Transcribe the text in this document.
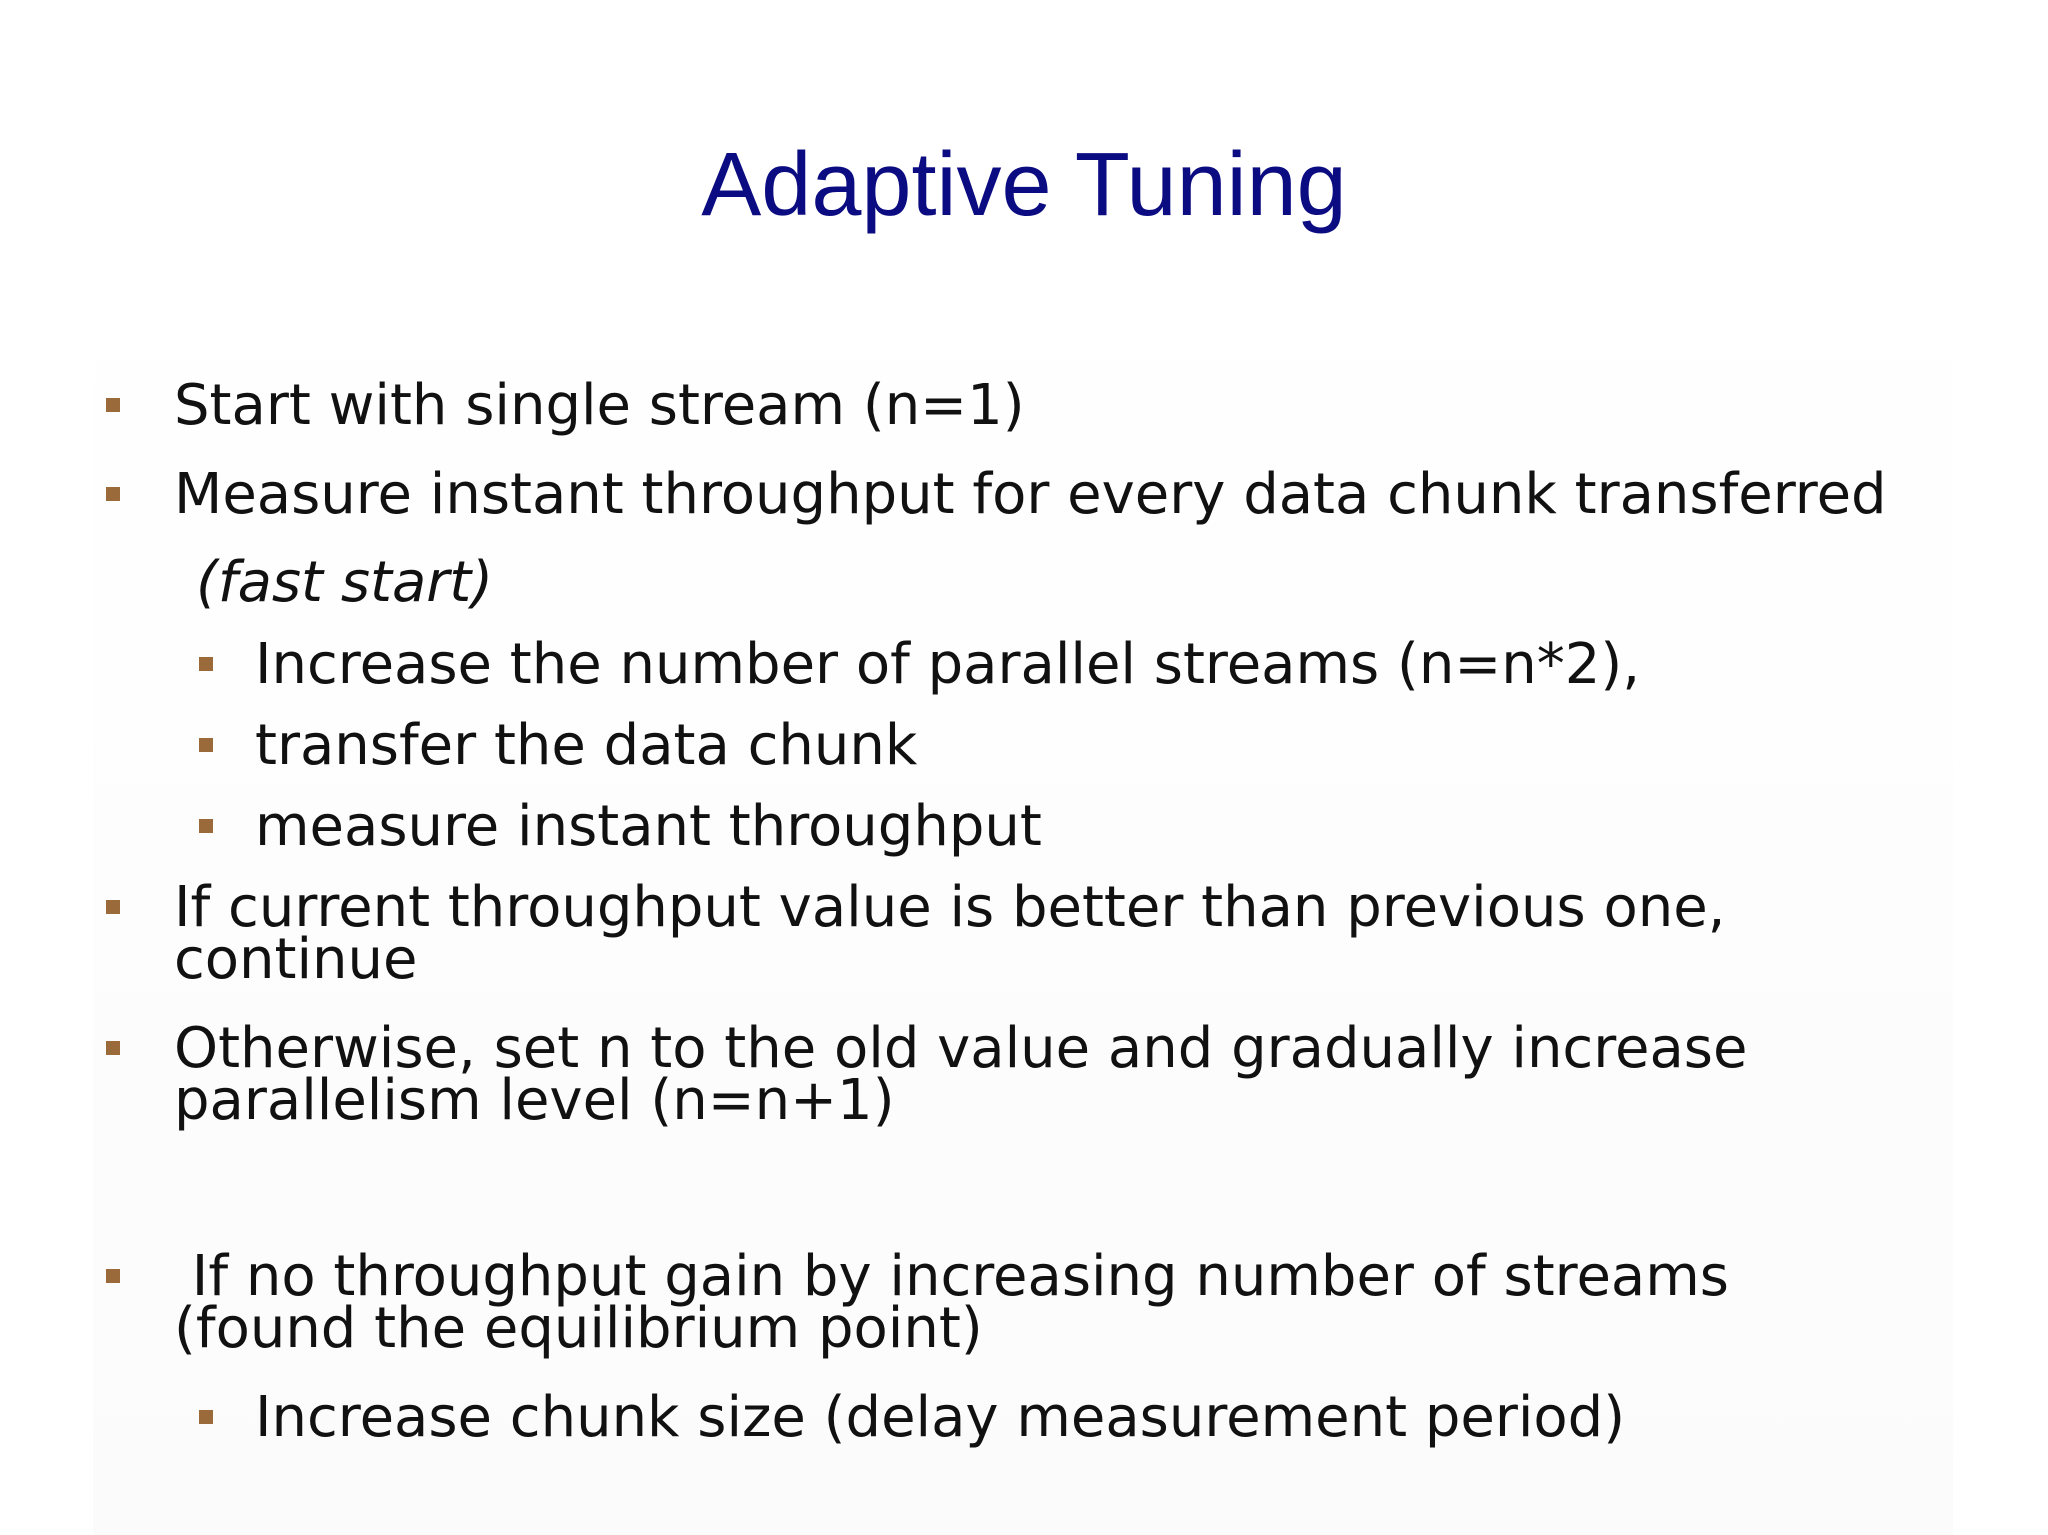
Adaptive Tuning
Start with single stream (n=1)
Measure instant throughput for every data chunk transferred
(fast start)
Increase the number of parallel streams (n=n*2),
transfer the data chunk
measure instant throughput
If current throughput value is better than previous one,
continue
Otherwise, set n to the old value and gradually increase
parallelism level (n=n+1)
If no throughput gain by increasing number of streams
(found the equilibrium point)
Increase chunk size (delay measurement period)
